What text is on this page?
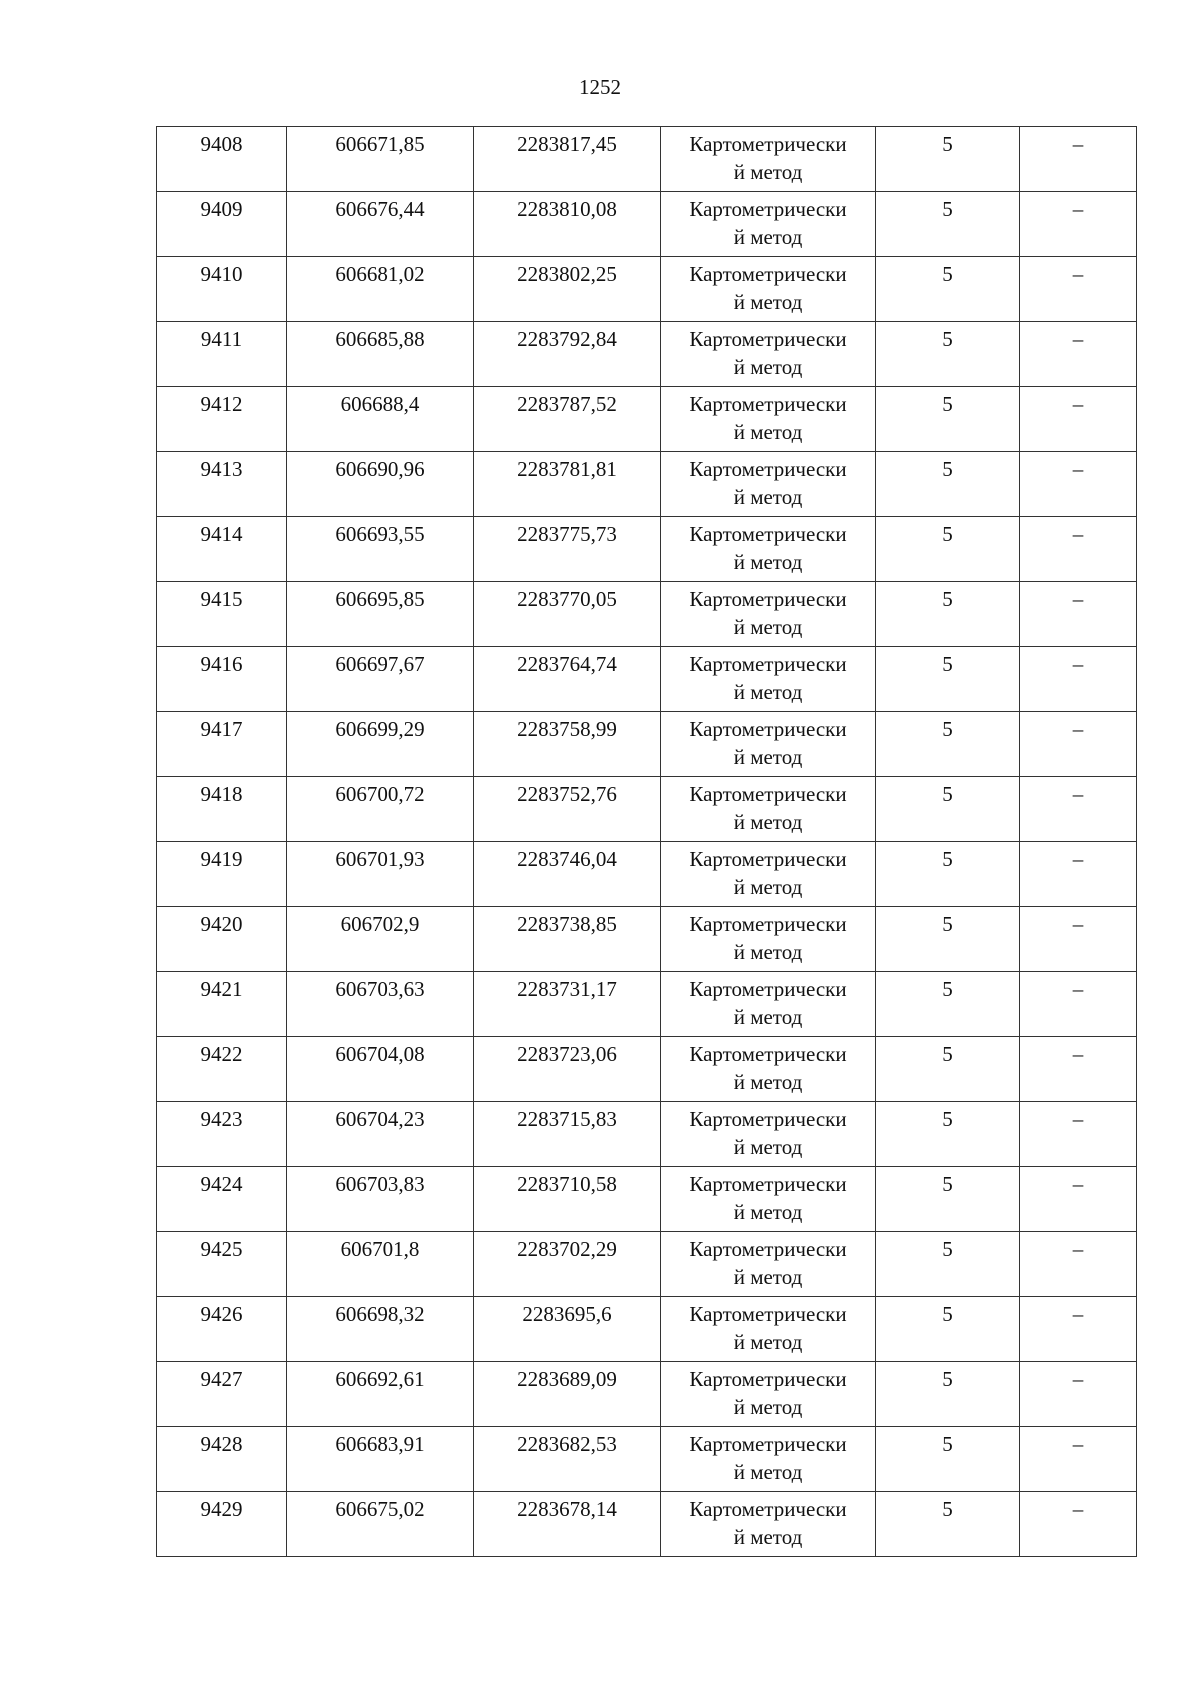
1252
9408	606671,85	2283817,45	Картометрический метод	5	–
9409	606676,44	2283810,08	Картометрический метод	5	–
9410	606681,02	2283802,25	Картометрический метод	5	–
9411	606685,88	2283792,84	Картометрический метод	5	–
9412	606688,4	2283787,52	Картометрический метод	5	–
9413	606690,96	2283781,81	Картометрический метод	5	–
9414	606693,55	2283775,73	Картометрический метод	5	–
9415	606695,85	2283770,05	Картометрический метод	5	–
9416	606697,67	2283764,74	Картометрический метод	5	–
9417	606699,29	2283758,99	Картометрический метод	5	–
9418	606700,72	2283752,76	Картометрический метод	5	–
9419	606701,93	2283746,04	Картометрический метод	5	–
9420	606702,9	2283738,85	Картометрический метод	5	–
9421	606703,63	2283731,17	Картометрический метод	5	–
9422	606704,08	2283723,06	Картометрический метод	5	–
9423	606704,23	2283715,83	Картометрический метод	5	–
9424	606703,83	2283710,58	Картометрический метод	5	–
9425	606701,8	2283702,29	Картометрический метод	5	–
9426	606698,32	2283695,6	Картометрический метод	5	–
9427	606692,61	2283689,09	Картометрический метод	5	–
9428	606683,91	2283682,53	Картометрический метод	5	–
9429	606675,02	2283678,14	Картометрический метод	5	–
